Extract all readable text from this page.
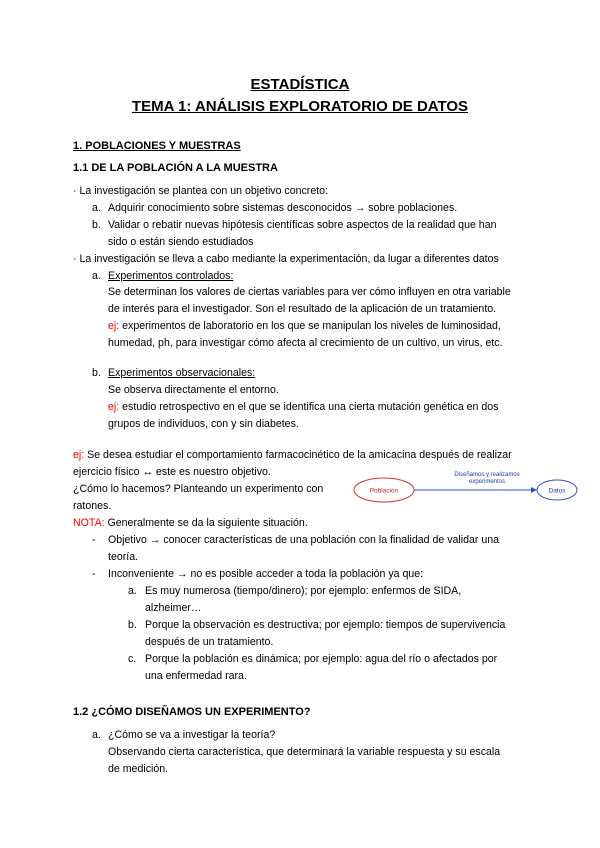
ESTADÍSTICA
TEMA 1: ANÁLISIS EXPLORATORIO DE DATOS
1. POBLACIONES Y MUESTRAS
1.1 DE LA POBLACIÓN A LA MUESTRA
· La investigación se plantea con un objetivo concreto:
a. Adquirir conocimiento sobre sistemas desconocidos → sobre poblaciones.
b. Validar o rebatir nuevas hipótesis científicas sobre aspectos de la realidad que han
sido o están siendo estudiados
· La investigación se lleva a cabo mediante la experimentación, da lugar a diferentes datos
a. Experimentos controlados:
Se determinan los valores de ciertas variables para ver cómo influyen en otra variable
de interés para el investigador. Son el resultado de la aplicación de un tratamiento.
ej: experimentos de laboratorio en los que se manipulan los niveles de luminosidad,
humedad, ph, para investigar cómo afecta al crecimiento de un cultivo, un virus, etc.
b. Experimentos observacionales:
Se observa directamente el entorno.
ej: estudio retrospectivo en el que se identifica una cierta mutación genética en dos
grupos de individuos, con y sin diabetes.
ej: Se desea estudiar el comportamiento farmacocinético de la amicacina después de realizar
ejercicio físico ↔ este es nuestro objetivo.
¿Cómo lo hacemos? Planteando un experimento con
ratones.
Población
Diseñamos y realizamos
experimentos
Datos
NOTA: Generalmente se da la siguiente situación.
- Objetivo → conocer características de una población con la finalidad de validar una
teoría.
- Inconveniente → no es posible acceder a toda la población ya que:
a. Es muy numerosa (tiempo/dinero); por ejemplo: enfermos de SIDA,
alzheimer…
b. Porque la observación es destructiva; por ejemplo: tiempos de supervivencia
después de un tratamiento.
c. Porque la población es dinámica; por ejemplo: agua del río o afectados por
una enfermedad rara.
1.2 ¿CÓMO DISEÑAMOS UN EXPERIMENTO?
a. ¿Cómo se va a investigar la teoría?
Observando cierta característica, que determinará la variable respuesta y su escala
de medición.
